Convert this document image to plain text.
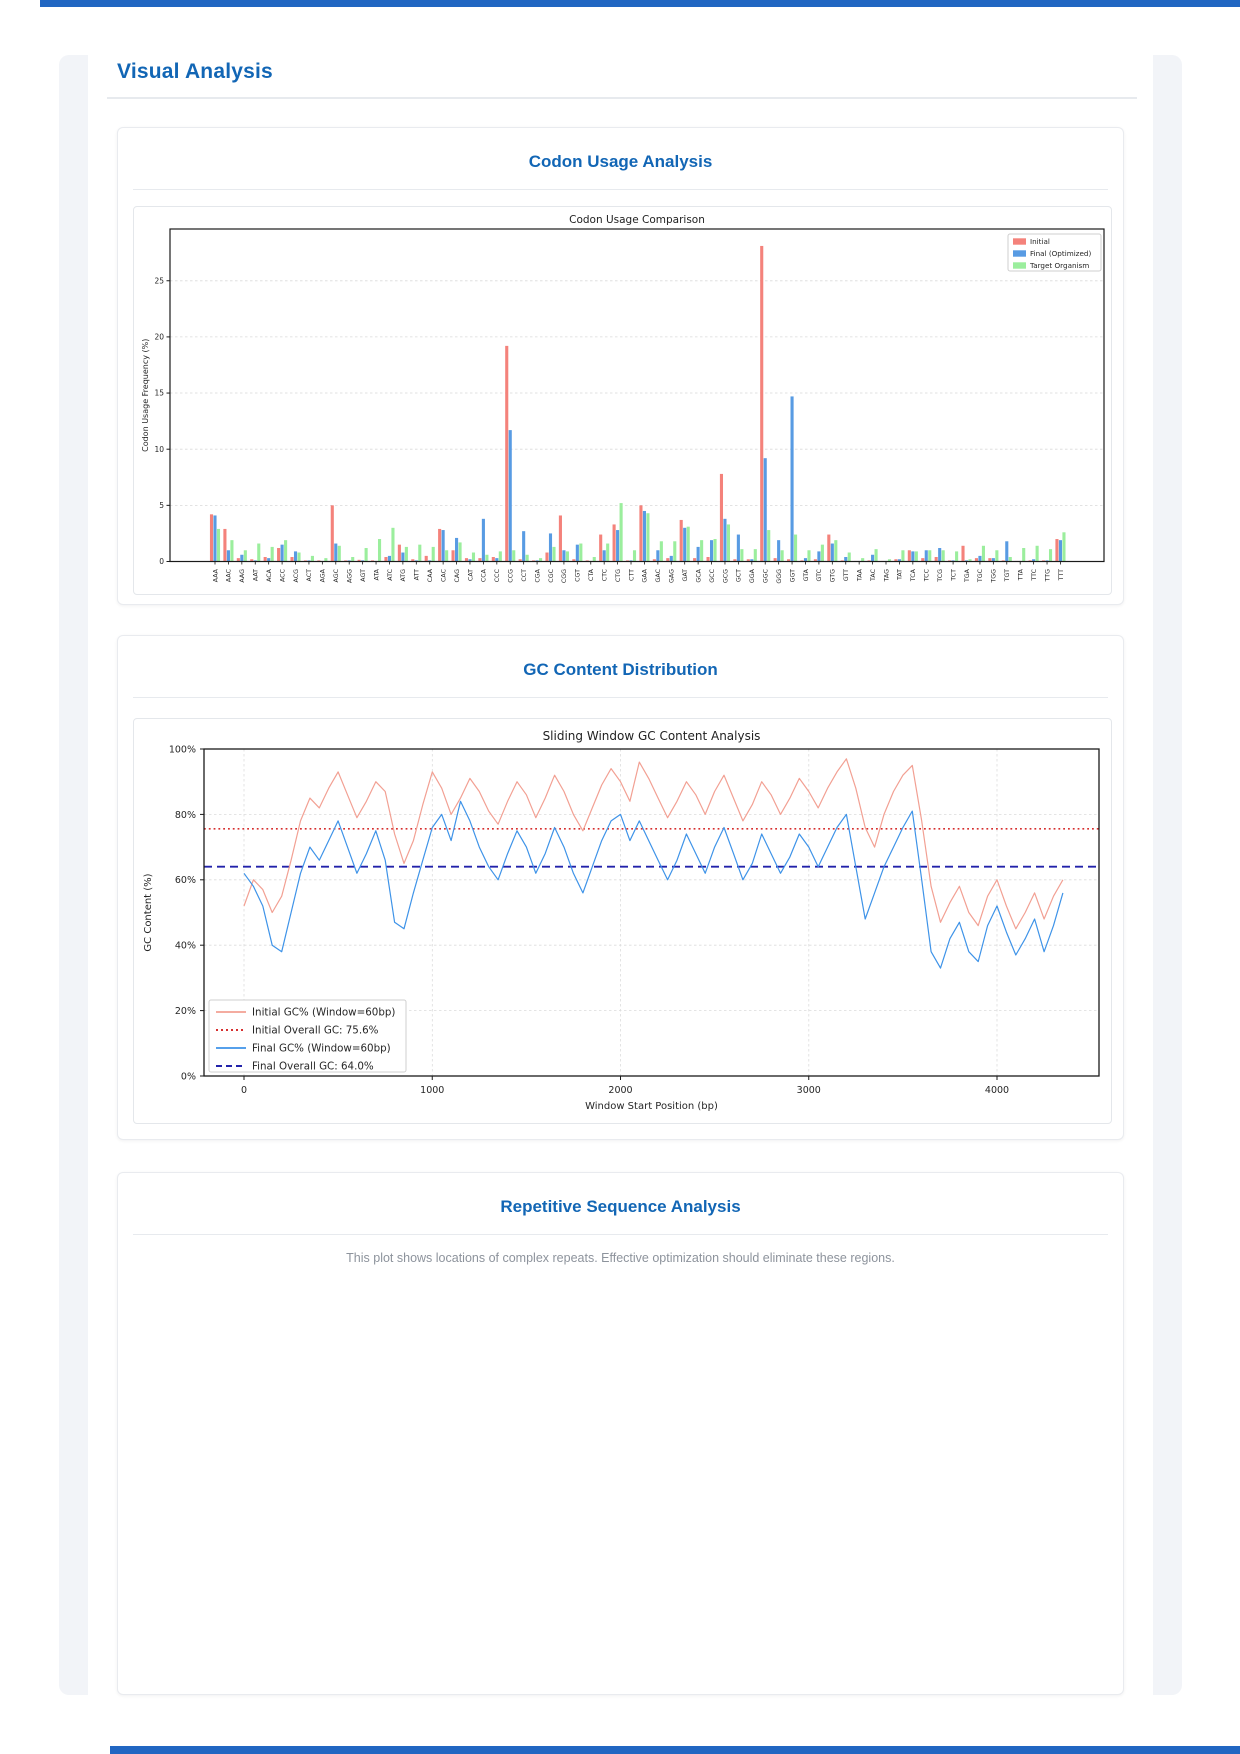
Visual Analysis
Codon Usage Analysis
0
5
10
15
20
25
AAA AAC AAG AAT ACA ACC ACG ACT AGA AGC AGG AGT ATA ATC ATG ATT CAA CAC CAG CAT CCA CCC CCG CCT CGA CGC CGG CGT CTA CTC CTG CTT GAA GAC GAG GAT GCA GCC GCG GCT GGA GGC GGG GGT GTA GTC GTG GTT TAA TAC TAG TAT TCA TCC TCG TCT TGA TGC TGG TGT TTA TTC TTG TTT
Codon Usage Comparison
Codon Usage Frequency (%)
Initial
Final (Optimized)
Target Organism
GC Content Distribution
0%
20%
40%
60%
80%
100%
0	1000	2000	3000	4000
Window Start Position (bp)
GC Content (%)
Sliding Window GC Content Analysis
Initial GC% (Window=60bp)
Initial Overall GC: 75.6%
Final GC% (Window=60bp)
Final Overall GC: 64.0%
Repetitive Sequence Analysis
This plot shows locations of complex repeats. Effective optimization should eliminate these regions.
